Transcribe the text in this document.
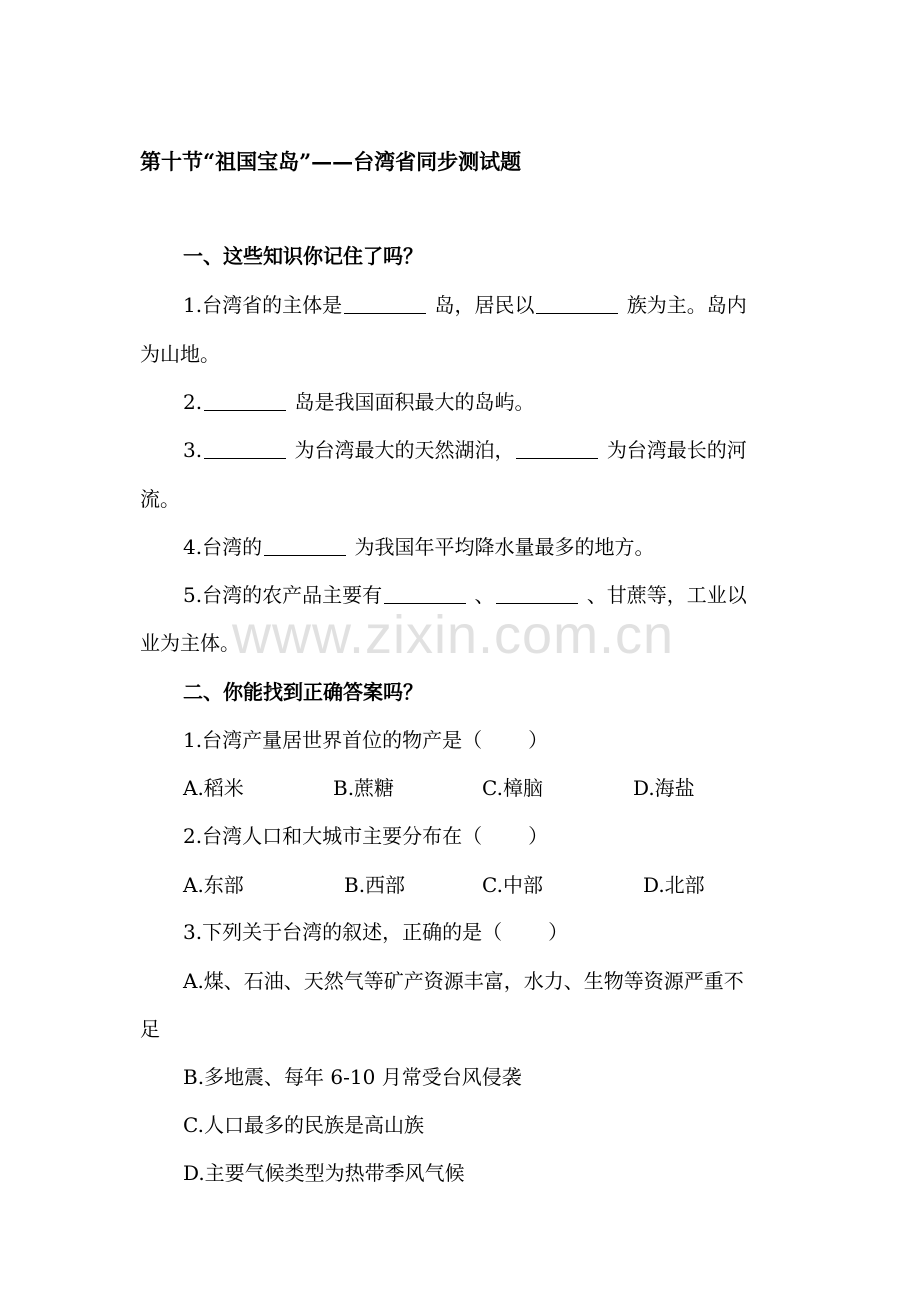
第十节“祖国宝岛”——台湾省同步测试题
一、这些知识你记住了吗？
1.台湾省的主体是	岛，居民以	族为主。岛内
为山地。
2.	岛是我国面积最大的岛屿。
3.	为台湾最大的天然湖泊，	为台湾最长的河
流。
4.台湾的	为我国年平均降水量最多的地方。
5.台湾的农产品主要有	、	、甘蔗等，工业以
业为主体。
二、你能找到正确答案吗？
1.台湾产量居世界首位的物产是（ ）
A.稻米	B.蔗糖	C.樟脑	D.海盐
2.台湾人口和大城市主要分布在（ ）
A.东部	B.西部	C.中部	D.北部
3.下列关于台湾的叙述，正确的是（ ）
A.煤、石油、天然气等矿产资源丰富，水力、生物等资源严重不
足
B.多地震、每年 6-10 月常受台风侵袭
C.人口最多的民族是高山族
D.主要气候类型为热带季风气候
www.zixin.com.cn
